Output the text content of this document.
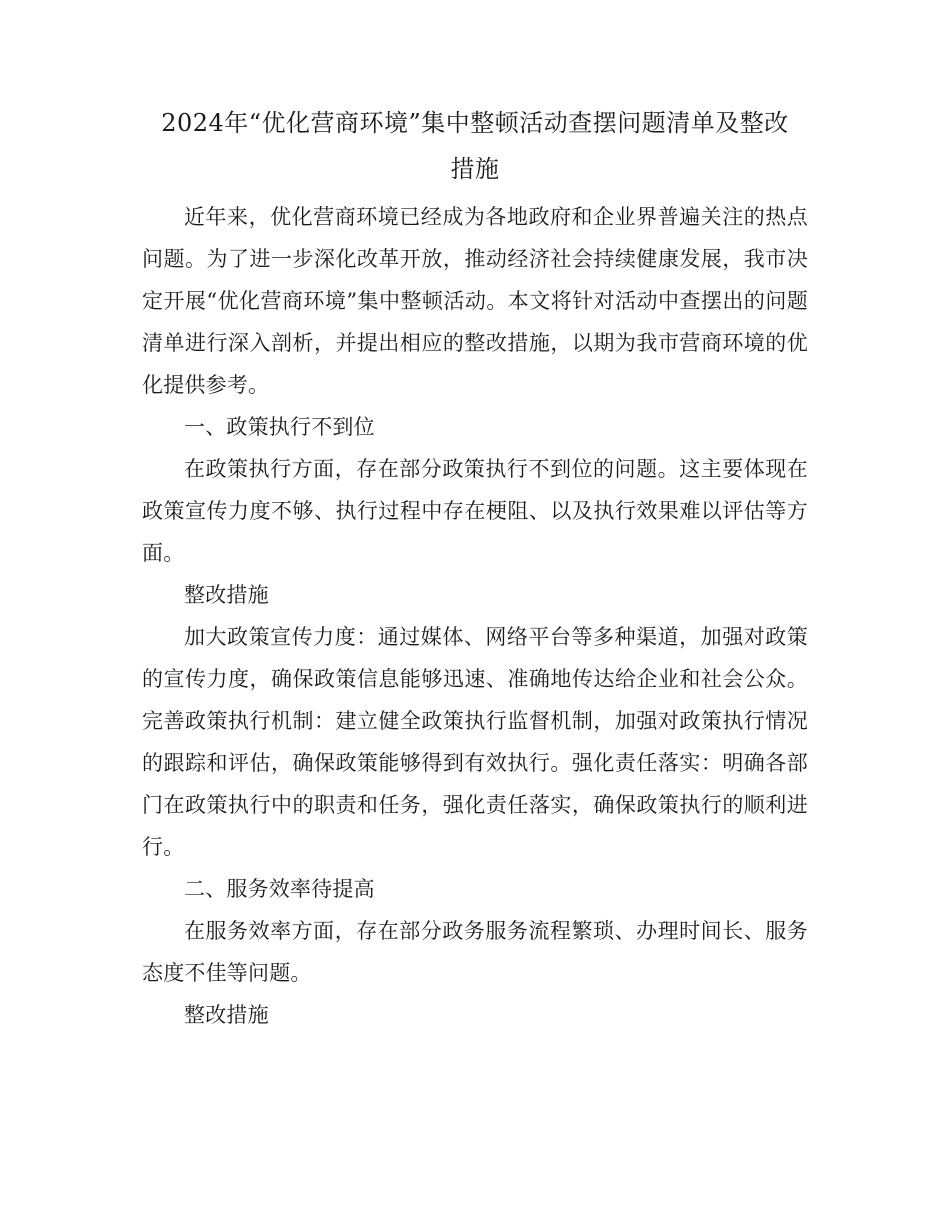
2024年“优化营商环境”集中整顿活动查摆问题清单及整改
措施

近年来，优化营商环境已经成为各地政府和企业界普遍关注的热点问题。为了进一步深化改革开放，推动经济社会持续健康发展，我市决定开展“优化营商环境”集中整顿活动。本文将针对活动中查摆出的问题清单进行深入剖析，并提出相应的整改措施，以期为我市营商环境的优化提供参考。

一、政策执行不到位

在政策执行方面，存在部分政策执行不到位的问题。这主要体现在政策宣传力度不够、执行过程中存在梗阻、以及执行效果难以评估等方面。

整改措施

加大政策宣传力度：通过媒体、网络平台等多种渠道，加强对政策的宣传力度，确保政策信息能够迅速、准确地传达给企业和社会公众。完善政策执行机制：建立健全政策执行监督机制，加强对政策执行情况的跟踪和评估，确保政策能够得到有效执行。强化责任落实：明确各部门在政策执行中的职责和任务，强化责任落实，确保政策执行的顺利进行。

二、服务效率待提高

在服务效率方面，存在部分政务服务流程繁琐、办理时间长、服务态度不佳等问题。

整改措施
